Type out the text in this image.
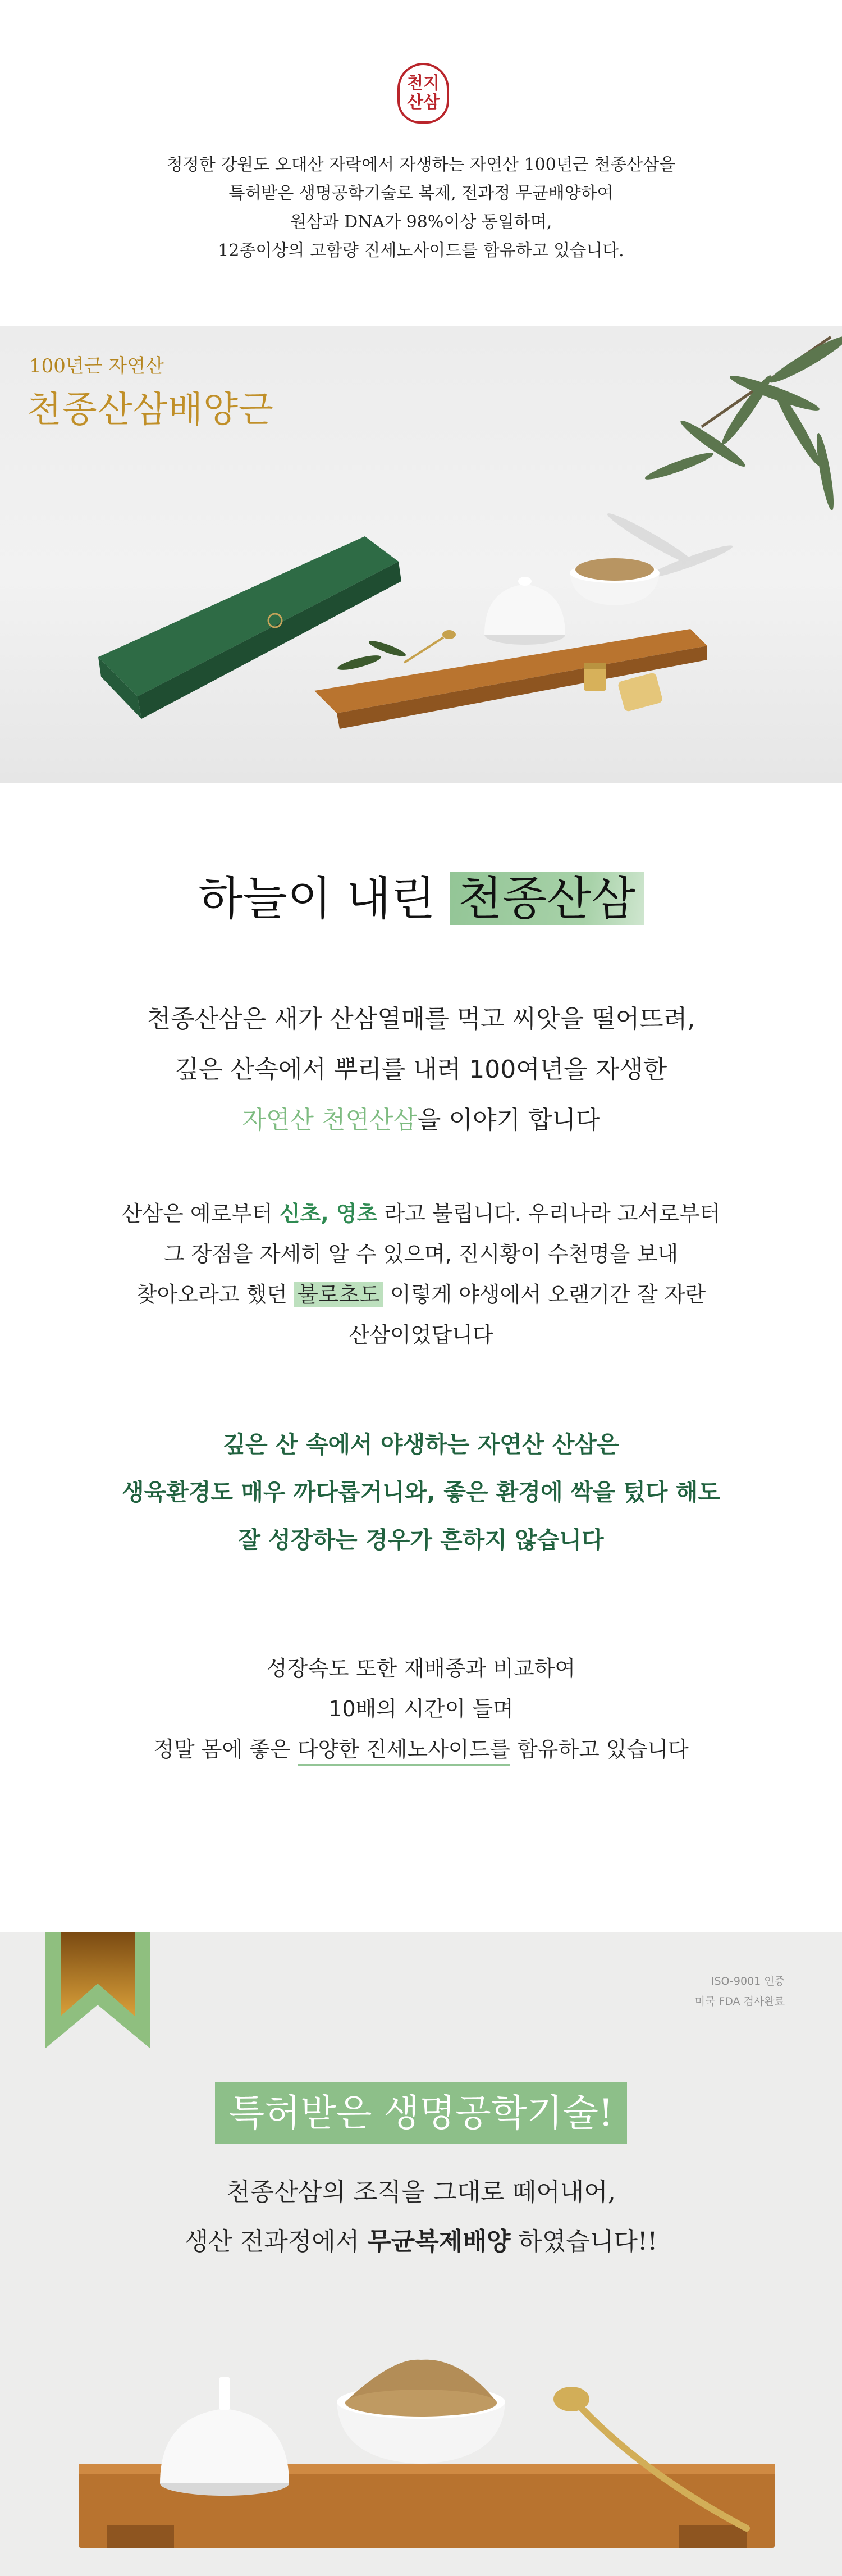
천지
산삼
청정한 강원도 오대산 자락에서 자생하는 자연산 100년근 천종산삼을
특허받은 생명공학기술로 복제, 전과정 무균배양하여
원삼과 DNA가 98%이상 동일하며,
12종이상의 고함량 진세노사이드를 함유하고 있습니다.
100년근 자연산
천종산삼배양근
하늘이 내린 천종산삼
천종산삼은 새가 산삼열매를 먹고 씨앗을 떨어뜨려,
깊은 산속에서 뿌리를 내려 100여년을 자생한
자연산 천연산삼을 이야기 합니다
산삼은 예로부터 신초, 영초 라고 불립니다. 우리나라 고서로부터
그 장점을 자세히 알 수 있으며, 진시황이 수천명을 보내
찾아오라고 했던 불로초도 이렇게 야생에서 오랜기간 잘 자란
산삼이었답니다
깊은 산 속에서 야생하는 자연산 산삼은
생육환경도 매우 까다롭거니와, 좋은 환경에 싹을 텄다 해도
잘 성장하는 경우가 흔하지 않습니다
성장속도 또한 재배종과 비교하여
10배의 시간이 들며
정말 몸에 좋은 다양한 진세노사이드를 함유하고 있습니다
ISO-9001 인증
미국 FDA 검사완료
특허받은 생명공학기술!
천종산삼의 조직을 그대로 떼어내어,
생산 전과정에서 무균복제배양 하였습니다!!
